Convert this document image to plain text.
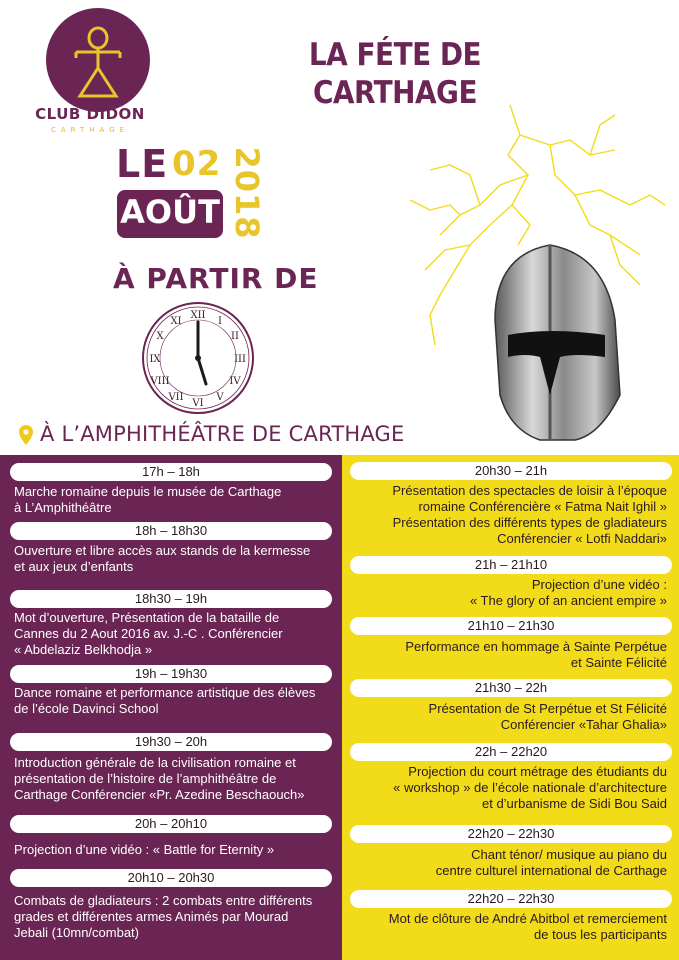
CLUB DIDON
CARTHAGE
LA FÉTE DE
CARTHAGE
LE 02
AOÛT 2018
À PARTIR DE
XII
I
II
III
IV
V
VI
VII
VIII
IX
X
XI
À L’AMPHITHÉÂTRE DE CARTHAGE
17h – 18h
Marche romaine depuis le musée de Carthage
à L’Amphithéâtre
18h – 18h30
Ouverture et libre accès aux stands de la kermesse
et aux jeux d’enfants
18h30 – 19h
Mot d’ouverture, Présentation de la bataille de
Cannes du 2 Aout 2016 av. J.-C . Conférencier
« Abdelaziz Belkhodja »
19h – 19h30
Dance romaine et performance artistique des élèves
de l’école Davinci School
19h30 – 20h
Introduction générale de la civilisation romaine et
présentation de l’histoire de l’amphithéâtre de
Carthage Conférencier «Pr. Azedine Beschaouch»
20h – 20h10
Projection d’une vidéo : « Battle for Eternity »
20h10 – 20h30
Combats de gladiateurs : 2 combats entre différents
grades et différentes armes Animés par Mourad
Jebali (10mn/combat)
20h30 – 21h
Présentation des spectacles de loisir à l’époque
romaine Conférencière « Fatma Nait Ighil »
Présentation des différents types de gladiateurs
Conférencier « Lotfi Naddari»
21h – 21h10
Projection d’une vidéo :
« The glory of an ancient empire »
21h10 – 21h30
Performance en hommage à Sainte Perpétue
et Sainte Félicité
21h30 – 22h
Présentation de St Perpétue et St Félicité
Conférencier «Tahar Ghalia»
22h – 22h20
Projection du court métrage des étudiants du
« workshop » de l’école nationale d’architecture
et d’urbanisme de Sidi Bou Said
22h20 – 22h30
Chant ténor/ musique au piano du
centre culturel international de Carthage
22h20 – 22h30
Mot de clôture de André Abitbol et remerciement
de tous les participants
